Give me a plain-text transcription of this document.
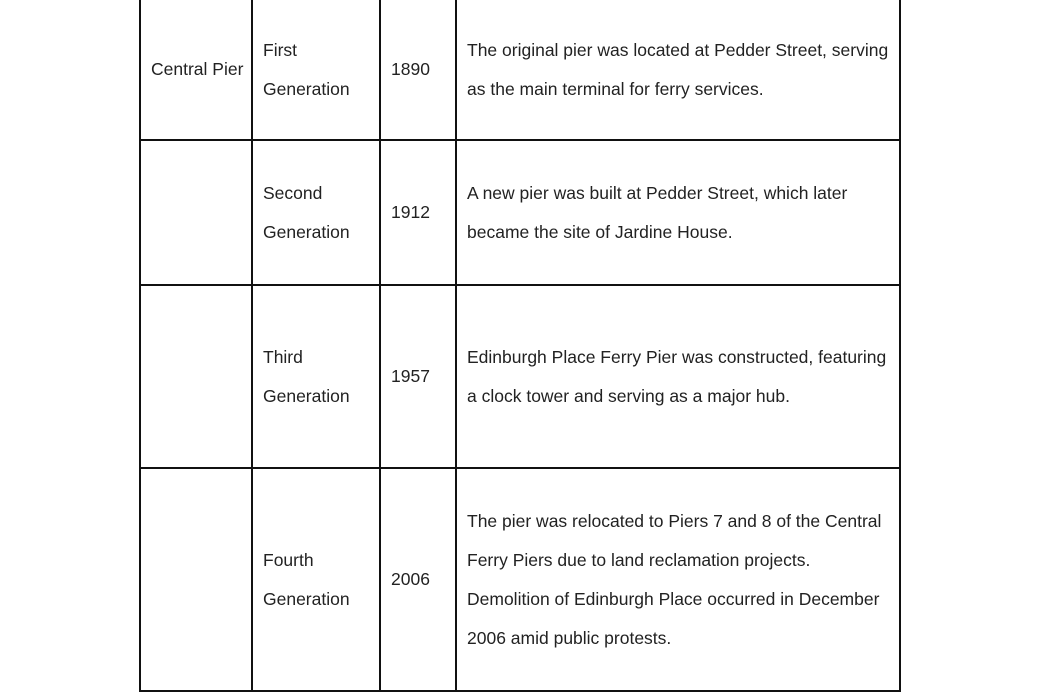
Central Pier	First Generation	1890	The original pier was located at Pedder Street, serving as the main terminal for ferry services.

	Second Generation	1912	A new pier was built at Pedder Street, which later became the site of Jardine House.

	Third Generation	1957	Edinburgh Place Ferry Pier was constructed, featuring a clock tower and serving as a major hub.

	Fourth Generation	2006	The pier was relocated to Piers 7 and 8 of the Central Ferry Piers due to land reclamation projects. Demolition of Edinburgh Place occurred in December 2006 amid public protests.
